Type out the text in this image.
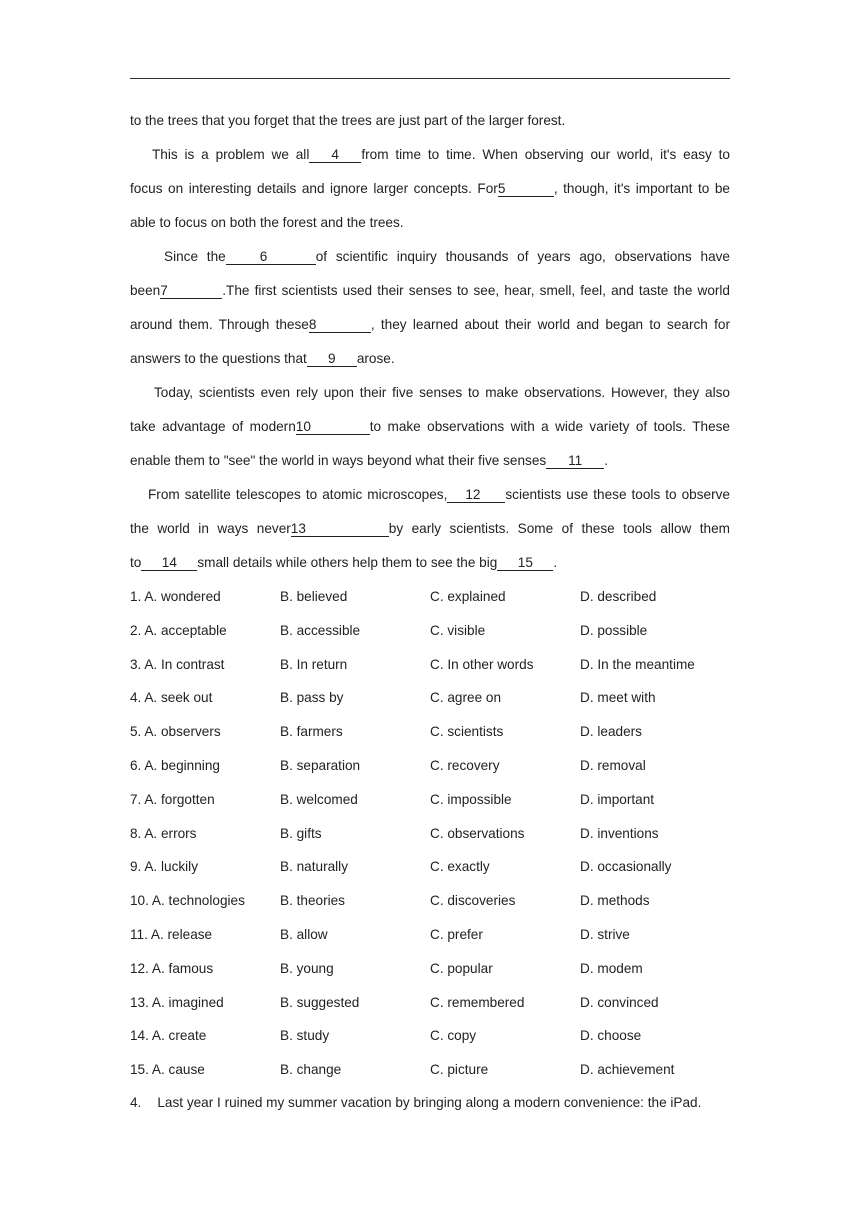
to the trees that you forget that the trees are just part of the larger forest.
This is a problem we all 4 from time to time. When observing our world, it's easy to
focus on interesting details and ignore larger concepts. For5	, though, it's important to be
able to focus on both the forest and the trees.
Since the	6	of scientific inquiry thousands of years ago, observations have
been7	.The first scientists used their senses to see, hear, smell, feel, and taste the world
around them. Through these8	, they learned about their world and began to search for
answers to the questions that 9 arose.
Today, scientists even rely upon their five senses to make observations. However, they also
take advantage of modern10	to make observations with a wide variety of tools. These
enable them to "see" the world in ways beyond what their five senses 11 .
From satellite telescopes to atomic microscopes, 12 scientists use these tools to observe
the world in ways never13	by early scientists. Some of these tools allow them
to 14 small details while others help them to see the big 15 .
1. A. wondered	B. believed	C. explained	D. described
2. A. acceptable	B. accessible	C. visible	D. possible
3. A. In contrast	B. In return	C. In other words	D. In the meantime
4. A. seek out	B. pass by	C. agree on	D. meet with
5. A. observers	B. farmers	C. scientists	D. leaders
6. A. beginning	B. separation	C. recovery	D. removal
7. A. forgotten	B. welcomed	C. impossible	D. important
8. A. errors	B. gifts	C. observations	D. inventions
9. A. luckily	B. naturally	C. exactly	D. occasionally
10. A. technologies	B. theories	C. discoveries	D. methods
11. A. release	B. allow	C. prefer	D. strive
12. A. famous	B. young	C. popular	D. modem
13. A. imagined	B. suggested	C. remembered	D. convinced
14. A. create	B. study	C. copy	D. choose
15. A. cause	B. change	C. picture	D. achievement
4. Last year I ruined my summer vacation by bringing along a modern convenience: the iPad.
